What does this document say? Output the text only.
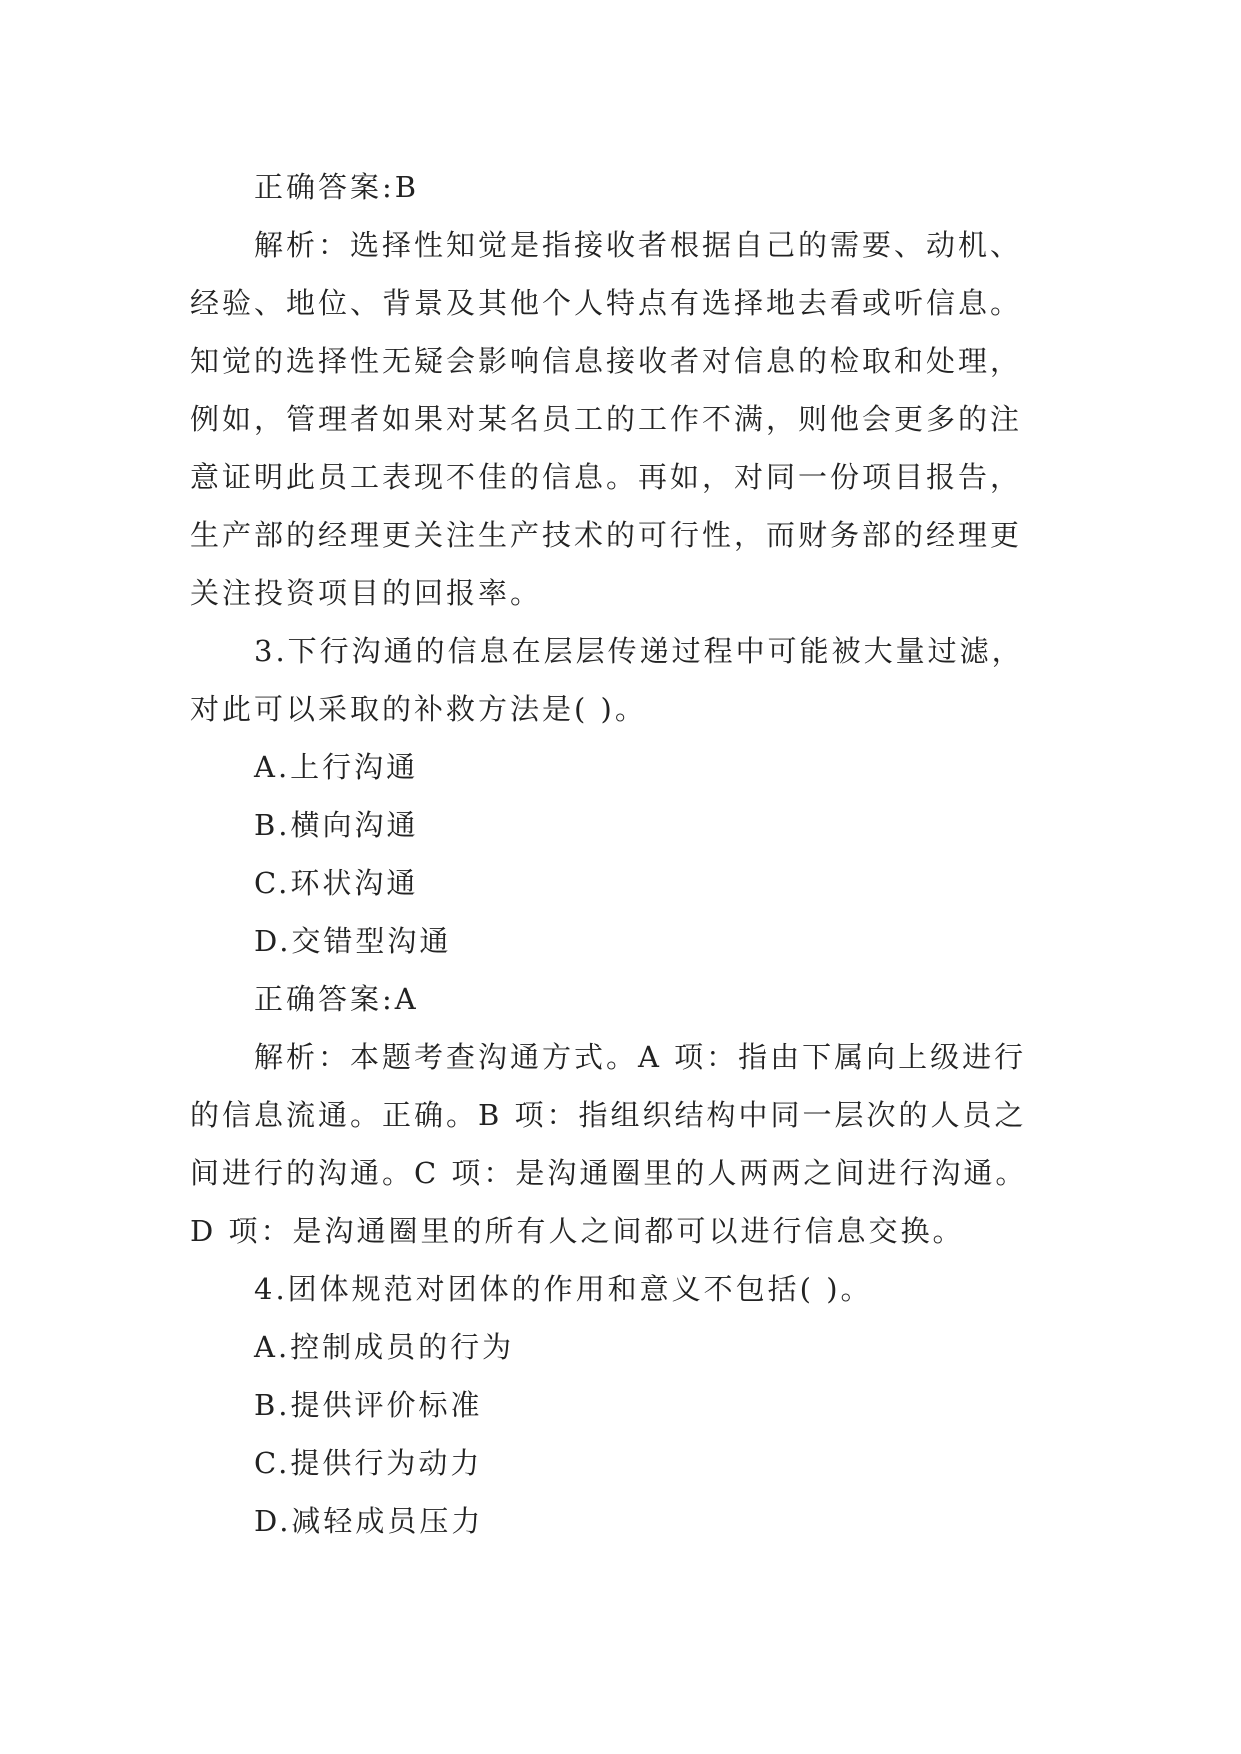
正确答案:B
解析：选择性知觉是指接收者根据自己的需要、动机、
经验、地位、背景及其他个人特点有选择地去看或听信息。
知觉的选择性无疑会影响信息接收者对信息的检取和处理，
例如，管理者如果对某名员工的工作不满，则他会更多的注
意证明此员工表现不佳的信息。再如，对同一份项目报告，
生产部的经理更关注生产技术的可行性，而财务部的经理更
关注投资项目的回报率。
3.下行沟通的信息在层层传递过程中可能被大量过滤，
对此可以采取的补救方法是( )。
A.上行沟通
B.横向沟通
C.环状沟通
D.交错型沟通
正确答案:A
解析：本题考查沟通方式。A 项：指由下属向上级进行
的信息流通。正确。B 项：指组织结构中同一层次的人员之
间进行的沟通。C 项：是沟通圈里的人两两之间进行沟通。
D 项：是沟通圈里的所有人之间都可以进行信息交换。
4.团体规范对团体的作用和意义不包括( )。
A.控制成员的行为
B.提供评价标准
C.提供行为动力
D.减轻成员压力
